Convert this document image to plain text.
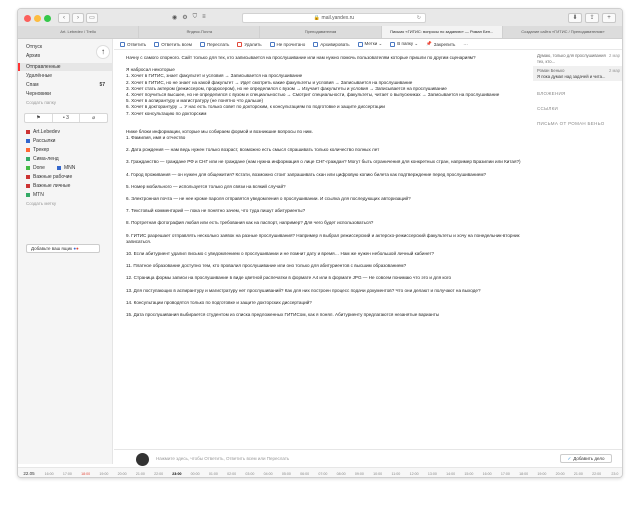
‹	›	▭	◉ ⚙ ⛉ ≡	🔒 mail.yandex.ru	↻	⬇	⇪	+
Art. Lebedev / Trello	Яндекс.Почта	Преподавателям	Письмо «ГИТИС: вопросы по заданию» — Роман Бен...	Создание сайта «ГИТИС / Преподавателям»
↑
Отпуск
Архив
Отправленные
Удалённые
Спам	57
Черновики
Создать папку
⚑	• 3	⌀
Art.Lebedev
Рассылки
Трекер
Сима-ленд
Done	MNN
Важные рабочие
Важные личные
MTN
Создать метку
Добавьте ваш ящик ●●
Ответить	Ответить всем	Переслать	Удалить	Не прочитано	Архивировать	Метки ⌄	В папку ⌄ 📌 Закрепить ···

Начну с самого спорного. Сайт только для тех, кто записывается на прослушивание или нам нужно помочь пользователям которые пришли по другим сценариям?

Я набросал некоторые

1. Хочет в ГИТИС, знает факультет и условия → Записывается на прослушивание

2. Хочет в ГИТИС, но не знает на какой факультет → Идет смотреть какие факультеты и условия → Записывается на прослушивание

3. Хочет стать актером (режиссером, продюсером), но не определился с вузом → Изучает факультеты и условия → Записывается на прослушивание

4. Хочет поучиться высшее, но не определился с вузом и специальностью → Смотрит специальности, факультеты, читает о выпускниках → Записывается на прослушивание

5. Хочет в аспирантуру и магистратуру (не понятно что дальше)

6. Хочет в докторантуру → У нас есть только совет по докторским, к консультациям по подготовке и защите диссертации

7. Хочет консультацию по докторским

Ниже блоки информации, которые мы собираем формой и возникшие вопросы по ним.

1. Фамилия, имя и отчество

2. Дата рождения — нам ведь нужен только возраст, возможно есть смысл спрашивать только количество полных лет

3. Гражданство — граждане РФ и СНГ или не граждане (нам нужна информация о лице СНГ-граждан? Могут быть ограничения для конкретных стран, например Бразилии или Китая?)

4. Город проживания — он нужен для общежития? Кстати, возможно стоит запрашивать скан или цифровую копию билета как подтверждение перед прослушиванием?

5. Номер мобильного — используется только для связи на всякий случай?

6. Электронная почта — не нее кроме пароля отправятся уведомления о прослушивании. И ссылка для последующих авторизаций?

7. Текстовый комментарий — пока не понятно зачем, что туда пишут абитуриенты?

8. Портретная фотография любая или есть требования как на паспорт, например? Для чего будет использоваться?

9. ГИТИС разрешает отправлять несколько заявок на разные прослушивания? Например я выбрал режиссерский и актерско-режиссерский факультеты и хочу на понедельник-вторник записаться.

10. Если абитуриент удалил письмо с уведомлением о прослушивании и не помнит дату и время… Нам же нужен небольшой личный кабинет?

11. Платное образование доступно тем, кто провалил прослушивание или оно только для абитуриентов с высшим образованием?

12. Страница формы записи на прослушивание в виде цветной распечатки в формате А4 или в формате JPG — Не совсем понимаю что это и для кого

13. Для поступающих в аспирантуру и магистратуру нет прослушиваний? Как для них построен процесс подачи документов? Что они делают и получают на выходе?

14. Консультации проводятся только по подготовке и защите докторских диссертаций?

15. Дата прослушивания выбирается студентом из списка предложенных ГИТИСом, как я понял. Абитуриенту предлагаются незанятые варианты

2 мар
Думаю, только для прослушивания
тех, кто...
2 мар
Роман Бенько
Я пока думал над задачей и чита...
ВЛОЖЕНИЯ
ССЫЛКИ
ПИСЬМА ОТ РОМАН БЕНЬО
Нажмите здесь, чтобы Ответить, Ответить всем или Переслать
✓	Добавить дело
22.05	16:00	17:00	18:00	19:00	20:00	21:00	22:00	23:00	00:00	01:00	02:00	03:00	04:00	05:00	06:00	07:00	08:00	09:00	10:00	11:00	12:00	13:00	14:00	15:00	16:00	17:00	18:00	19:00	20:00	21:00	22:00	23:0
